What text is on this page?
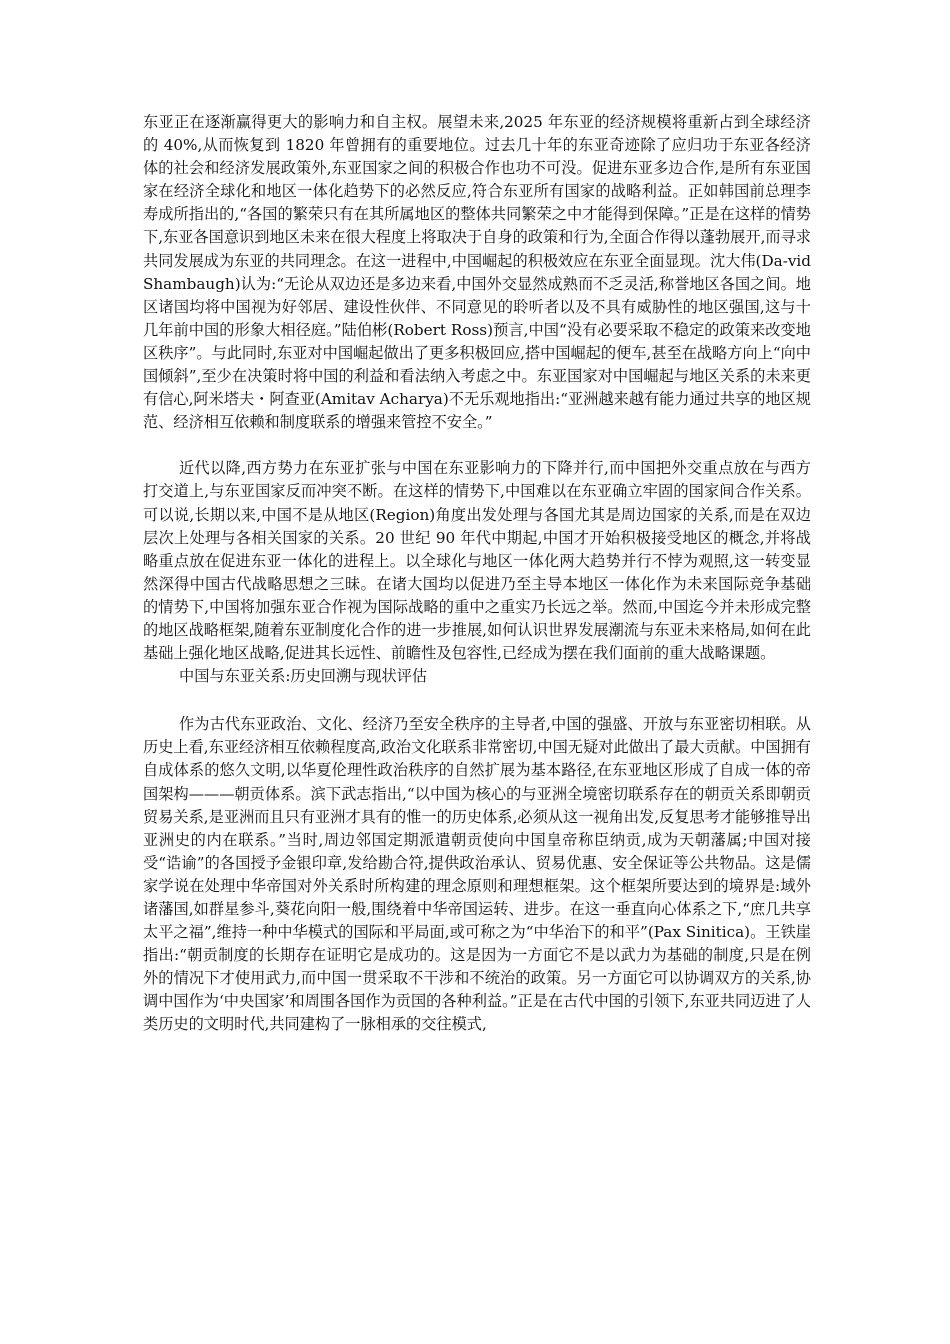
东亚正在逐渐赢得更大的影响力和自主权。展望未来,2025 年东亚的经济规模将重新占到全球经济的 40%,从而恢复到 1820 年曾拥有的重要地位。过去几十年的东亚奇迹除了应归功于东亚各经济体的社会和经济发展政策外,东亚国家之间的积极合作也功不可没。促进东亚多边合作,是所有东亚国家在经济全球化和地区一体化趋势下的必然反应,符合东亚所有国家的战略利益。正如韩国前总理李寿成所指出的,“各国的繁荣只有在其所属地区的整体共同繁荣之中才能得到保障。”正是在这样的情势下,东亚各国意识到地区未来在很大程度上将取决于自身的政策和行为,全面合作得以蓬勃展开,而寻求共同发展成为东亚的共同理念。在这一进程中,中国崛起的积极效应在东亚全面显现。沈大伟(Da-vid Shambaugh)认为:“无论从双边还是多边来看,中国外交显然成熟而不乏灵活,称誉地区各国之间。地区诸国均将中国视为好邻居、建设性伙伴、不同意见的聆听者以及不具有威胁性的地区强国,这与十几年前中国的形象大相径庭。”陆伯彬(Robert Ross)预言,中国“没有必要采取不稳定的政策来改变地区秩序”。与此同时,东亚对中国崛起做出了更多积极回应,搭中国崛起的便车,甚至在战略方向上“向中国倾斜”,至少在决策时将中国的利益和看法纳入考虑之中。东亚国家对中国崛起与地区关系的未来更有信心,阿米塔夫・阿查亚(Amitav Acharya)不无乐观地指出:“亚洲越来越有能力通过共享的地区规范、经济相互依赖和制度联系的增强来管控不安全。”

近代以降,西方势力在东亚扩张与中国在东亚影响力的下降并行,而中国把外交重点放在与西方打交道上,与东亚国家反而冲突不断。在这样的情势下,中国难以在东亚确立牢固的国家间合作关系。可以说,长期以来,中国不是从地区(Region)角度出发处理与各国尤其是周边国家的关系,而是在双边层次上处理与各相关国家的关系。20 世纪 90 年代中期起,中国才开始积极接受地区的概念,并将战略重点放在促进东亚一体化的进程上。以全球化与地区一体化两大趋势并行不悖为观照,这一转变显然深得中国古代战略思想之三昧。在诸大国均以促进乃至主导本地区一体化作为未来国际竞争基础的情势下,中国将加强东亚合作视为国际战略的重中之重实乃长远之举。然而,中国迄今并未形成完整的地区战略框架,随着东亚制度化合作的进一步推展,如何认识世界发展潮流与东亚未来格局,如何在此基础上强化地区战略,促进其长远性、前瞻性及包容性,已经成为摆在我们面前的重大战略课题。

中国与东亚关系:历史回溯与现状评估

作为古代东亚政治、文化、经济乃至安全秩序的主导者,中国的强盛、开放与东亚密切相联。从历史上看,东亚经济相互依赖程度高,政治文化联系非常密切,中国无疑对此做出了最大贡献。中国拥有自成体系的悠久文明,以华夏伦理性政治秩序的自然扩展为基本路径,在东亚地区形成了自成一体的帝国架构———朝贡体系。滨下武志指出,“以中国为核心的与亚洲全境密切联系存在的朝贡关系即朝贡贸易关系,是亚洲而且只有亚洲才具有的惟一的历史体系,必须从这一视角出发,反复思考才能够推导出亚洲史的内在联系。”当时,周边邻国定期派遣朝贡使向中国皇帝称臣纳贡,成为天朝藩属;中国对接受“诰谕”的各国授予金银印章,发给勘合符,提供政治承认、贸易优惠、安全保证等公共物品。这是儒家学说在处理中华帝国对外关系时所构建的理念原则和理想框架。这个框架所要达到的境界是:域外诸藩国,如群星参斗,葵花向阳一般,围绕着中华帝国运转、进步。在这一垂直向心体系之下,“庶几共享太平之福”,维持一种中华模式的国际和平局面,或可称之为“中华治下的和平”(Pax Sinitica)。王铁崖指出:“朝贡制度的长期存在证明它是成功的。这是因为一方面它不是以武力为基础的制度,只是在例外的情况下才使用武力,而中国一贯采取不干涉和不统治的政策。另一方面它可以协调双方的关系,协调中国作为‘中央国家’和周围各国作为贡国的各种利益。”正是在古代中国的引领下,东亚共同迈进了人类历史的文明时代,共同建构了一脉相承的交往模式,
